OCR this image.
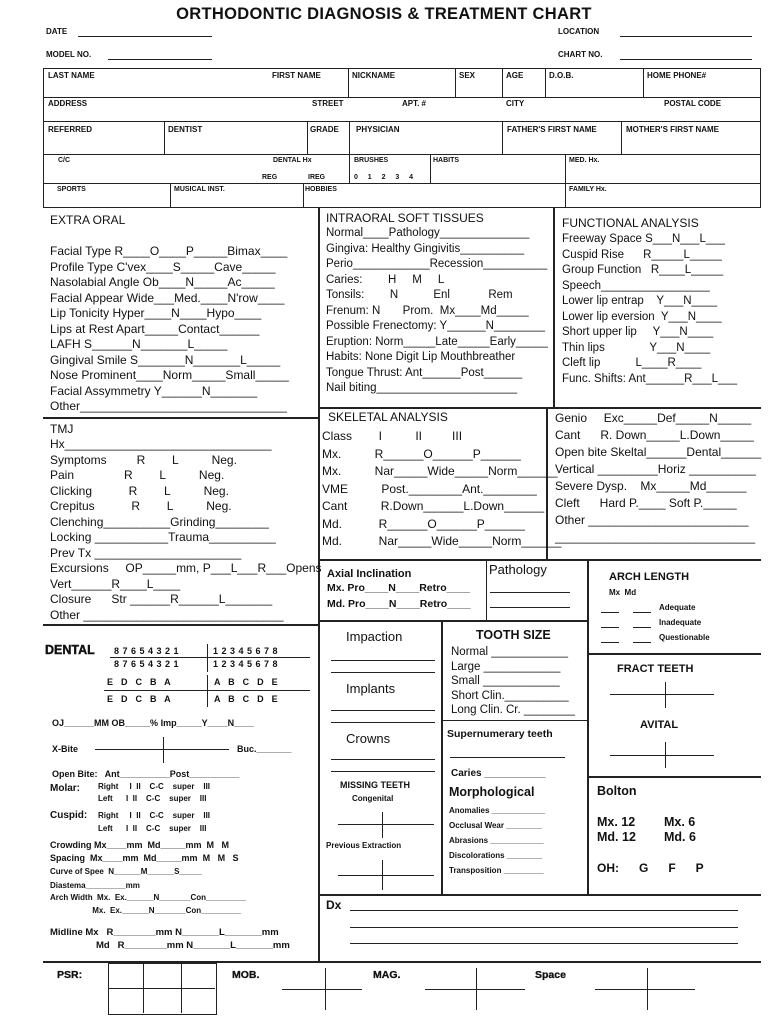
ORTHODONTIC DIAGNOSIS & TREATMENT CHART
DATE	LOCATION
MODEL NO.	CHART NO.
LAST NAME	FIRST NAME	NICKNAME	SEX	AGE	D.O.B.	HOME PHONE#
ADDRESS	STREET	APT. #	CITY	POSTAL CODE
REFERRED	DENTIST	GRADE PHYSICIAN	FATHER'S FIRST NAME	MOTHER'S FIRST NAME
C/C	DENTAL Hx
REG	IREG
BRUSHES
0  1  2  3  4
HABITS	MED. Hx.
SPORTS	MUSICAL INST.	HOBBIES	FAMILY Hx.
EXTRA ORAL
Facial Type R____O____P_____Bimax____
Profile Type C'vex____S_____Cave_____
Nasolabial Angle Ob____N_____Ac_____
Facial Appear Wide___Med.____N'row____
Lip Tonicity Hyper____N____Hypo____
Lips at Rest Apart_____Contact______
LAFH S______N_______L_____
Gingival Smile S_______N_______L_____
Nose Prominent____Norm_____Small_____
Facial Assymmetry Y______N_______
Other_______________________________
INTRAORAL SOFT TISSUES
Normal____Pathology______________
Gingiva: Healthy Gingivitis__________
Perio____________Recession__________
Caries:        H     M     L
Tonsils:        N           Enl            Rem
Frenum: N       Prom.  Mx____Md_____
Possible Frenectomy: Y______N________
Eruption: Norm_____Late_____Early_____
Habits: None Digit Lip Mouthbreather
Tongue Thrust: Ant______Post______
Nail biting______________________
FUNCTIONAL ANALYSIS
Freeway Space S___N___L___
Cuspid Rise      R_____L_____
Group Function   R____L_____
Speech_________________
Lower lip entrap    Y___N____
Lower lip eversion  Y___N____
Short upper lip     Y___N____
Thin lips              Y___N____
Cleft lip           L____R____
Func. Shifts: Ant______R___L___
TMJ
Hx_______________________________
Symptoms         R        L          Neg.
Pain               R        L          Neg.
Clicking           R        L          Neg.
Crepitus           R        L          Neg.
Clenching__________Grinding________
Locking ___________Trauma__________
Prev Tx ______________________
Excursions     OP_____mm, P___L___R___Opens
Vert______R____L____
Closure      Str ______R______L_______
Other ______________________________
SKELETAL ANALYSIS
Class        I          II         III
Mx.          R______O______P______
Mx.          Nar_____Wide_____Norm______
VME          Post.________Ant.________
Cant          R.Down______L.Down______
Md.           R______O______P______
Md.           Nar_____Wide_____Norm______
Genio     Exc_____Def_____N_____
Cant      R. Down_____L.Down_____
Open bite Skeltal______Dental______
Vertical _________Horiz __________
Severe Dysp.    Mx_____Md______
Cleft      Hard P.____ Soft P._____
Other ________________________
______________________________
Axial Inclination
Mx. Pro____N____Retro____
Md. Pro____N____Retro____
Pathology	ARCH LENGTH
Mx  Md
Adequate
Inadequate
Questionable
DENTAL 8 7 6 5 4 3 2 1	1 2 3 4 5 6 7 8
8 7 6 5 4 3 2 1	1 2 3 4 5 6 7 8
E  D  C  B  A	A  B  C  D  E
E  D  C  B  A	A  B  C  D  E
OJ______MM OB_____% Imp_____Y____N____
X-Bite	Buc._______
Open Bite:   Ant__________Post__________
Molar: Right     I  II    C-C    super    III
Left      I  II    C-C    super    III
Cuspid: Right     I  II    C-C    super    III
Left      I  II    C-C    super    III
Crowding Mx____mm  Md_____mm  M   M
Spacing  Mx____mm  Md_____mm  M   M   S
Curve of Spee  N______M______S_____
Diastema_________mm
Arch Width  Mx.  Ex.______N_______Con_________
Mx.  Ex.______N_______Con_________
Midline Mx   R________mm N_______L_______mm
Md   R________mm N_______L_______mm
Impaction
Implants
Crowns
MISSING TEETH
Congenital
Previous Extraction
TOOTH SIZE
Normal ____________
Large ____________
Small ____________
Short Clin.__________
Long Clin. Cr. ________
Supernumerary teeth
Caries ___________
Morphological
Anomalies ____________
Occlusal Wear ________
Abrasions ____________
Discolorations ________
Transposition _________
FRACT TEETH
AVITAL
Bolton
Mx. 12 Mx. 6
Md. 12 Md. 6
OH:      G      F      P
Dx
PSR:	MOB.	MAG.	Space
